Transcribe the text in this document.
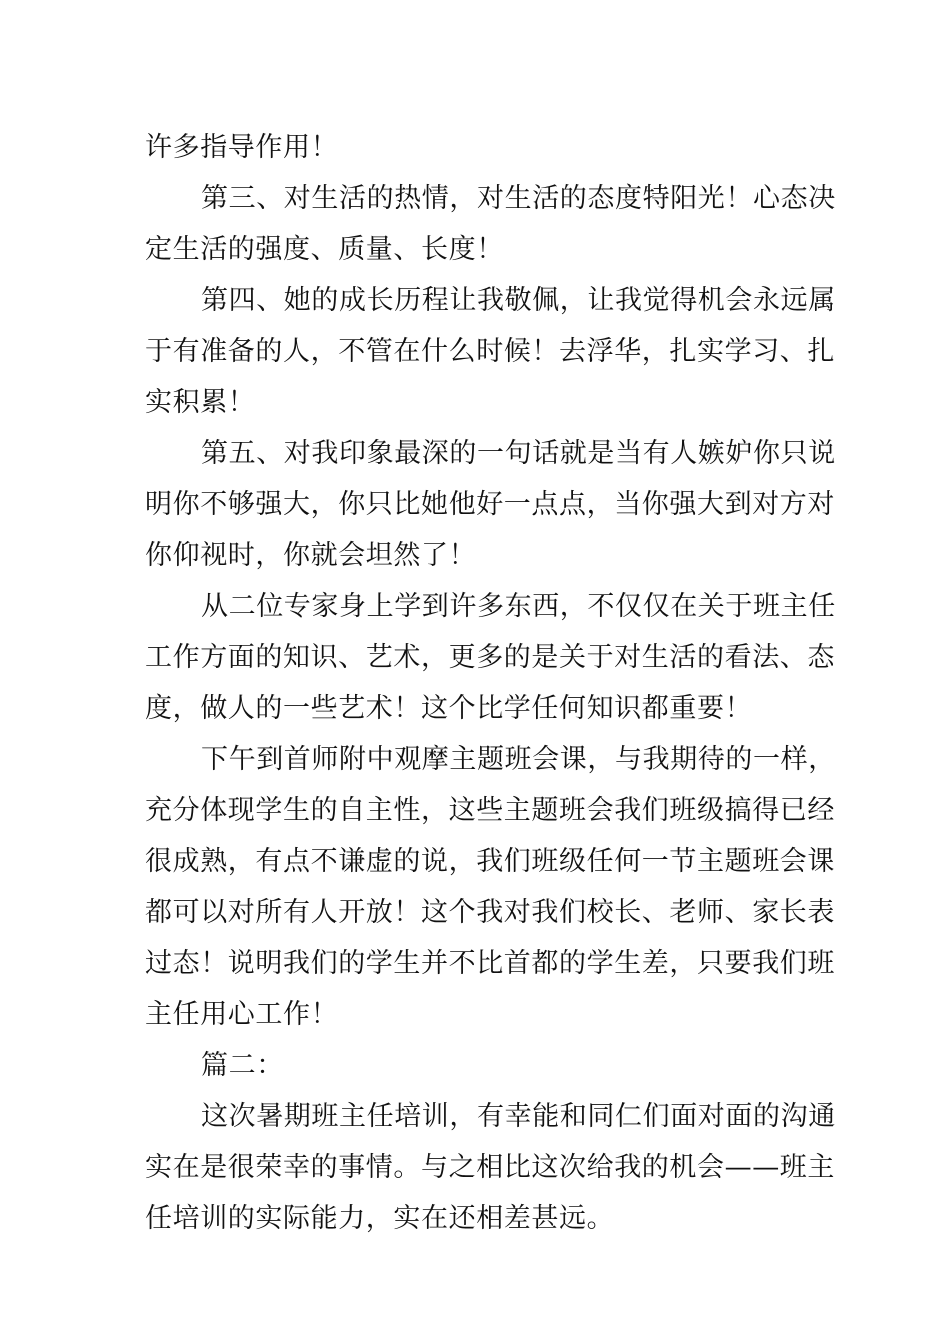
许多指导作用！
第三、对生活的热情，对生活的态度特阳光！心态决
定生活的强度、质量、长度！
第四、她的成长历程让我敬佩，让我觉得机会永远属
于有准备的人，不管在什么时候！去浮华，扎实学习、扎
实积累！
第五、对我印象最深的一句话就是当有人嫉妒你只说
明你不够强大，你只比她他好一点点，当你强大到对方对
你仰视时，你就会坦然了！
从二位专家身上学到许多东西，不仅仅在关于班主任
工作方面的知识、艺术，更多的是关于对生活的看法、态
度，做人的一些艺术！这个比学任何知识都重要！
下午到首师附中观摩主题班会课，与我期待的一样，
充分体现学生的自主性，这些主题班会我们班级搞得已经
很成熟，有点不谦虚的说，我们班级任何一节主题班会课
都可以对所有人开放！这个我对我们校长、老师、家长表
过态！说明我们的学生并不比首都的学生差，只要我们班
主任用心工作！
篇二：
这次暑期班主任培训，有幸能和同仁们面对面的沟通
实在是很荣幸的事情。与之相比这次给我的机会——班主
任培训的实际能力，实在还相差甚远。
